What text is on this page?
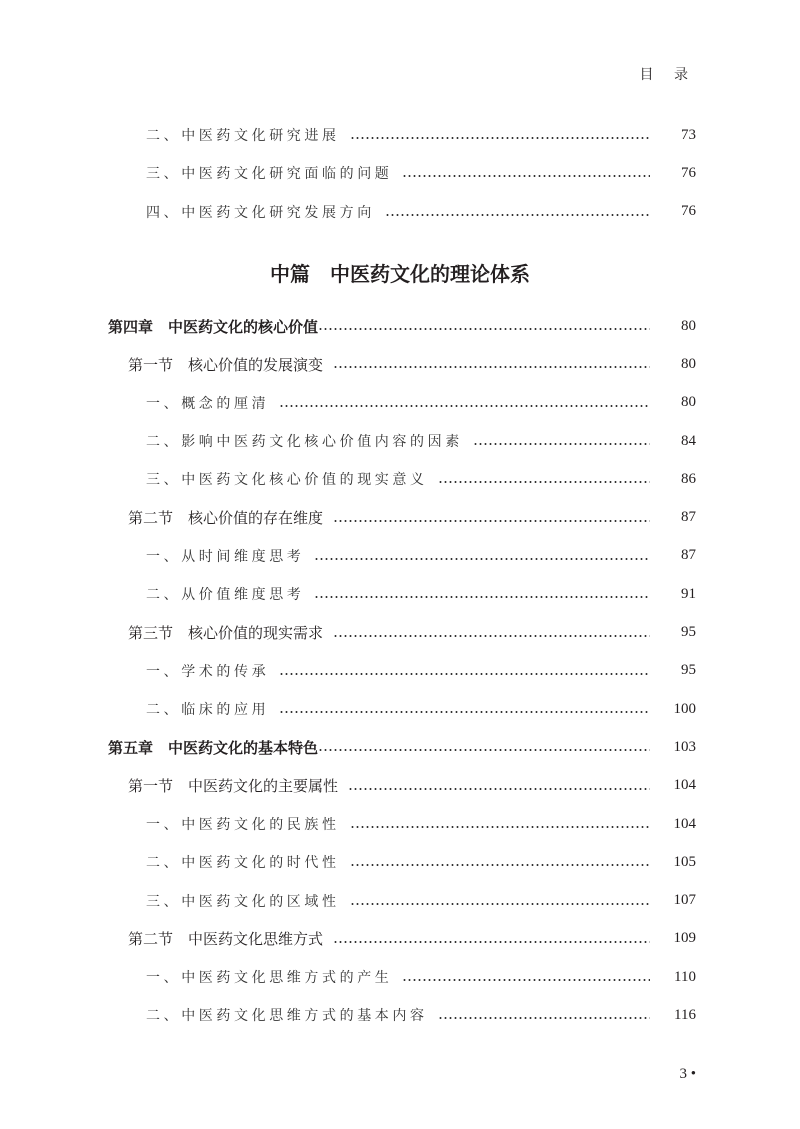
目 录
二、中医药文化研究进展	73
三、中医药文化研究面临的问题	76
四、中医药文化研究发展方向	76
中篇　中医药文化的理论体系
第四章　中医药文化的核心价值	80
第一节　核心价值的发展演变	80
一、概念的厘清	80
二、影响中医药文化核心价值内容的因素	84
三、中医药文化核心价值的现实意义	86
第二节　核心价值的存在维度	87
一、从时间维度思考	87
二、从价值维度思考	91
第三节　核心价值的现实需求	95
一、学术的传承	95
二、临床的应用	100
第五章　中医药文化的基本特色	103
第一节　中医药文化的主要属性	104
一、中医药文化的民族性	104
二、中医药文化的时代性	105
三、中医药文化的区域性	107
第二节　中医药文化思维方式	109
一、中医药文化思维方式的产生	110
二、中医药文化思维方式的基本内容	116
3 •
